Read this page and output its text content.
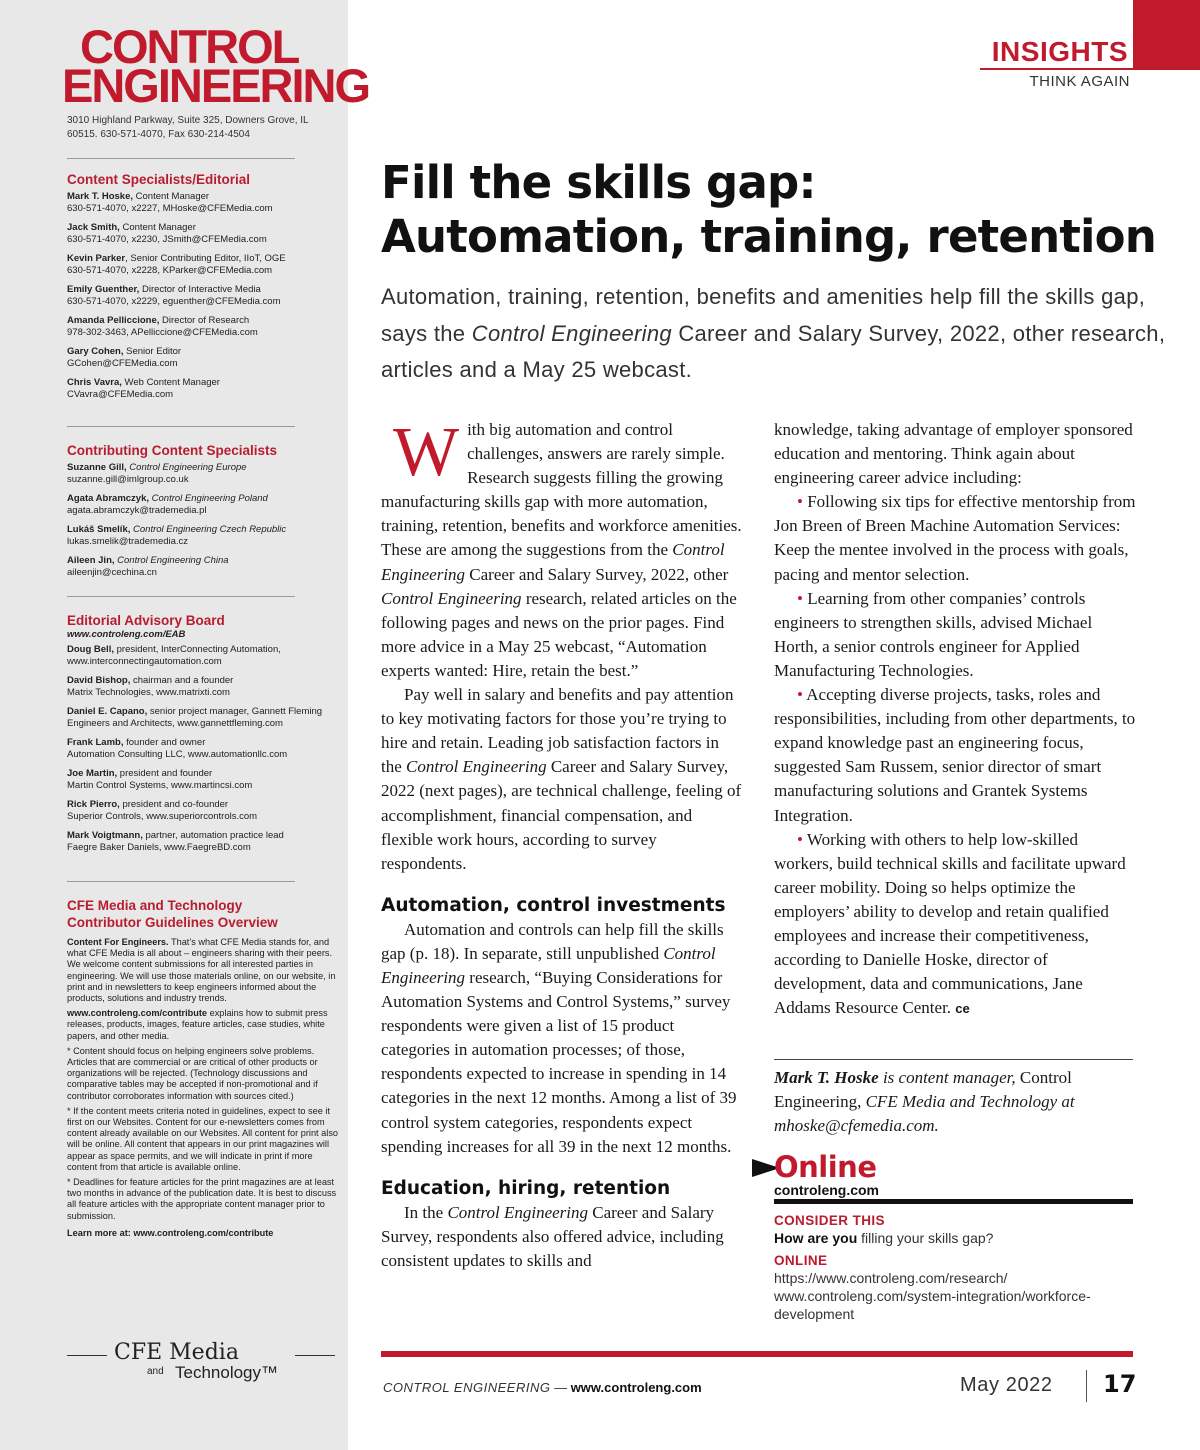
CONTROL
ENGINEERING
3010 Highland Parkway, Suite 325, Downers Grove, IL 60515. 630-571-4070, Fax 630-214-4504
Content Specialists/Editorial
Mark T. Hoske, Content Manager
630-571-4070, x2227, MHoske@CFEMedia.com
Jack Smith, Content Manager
630-571-4070, x2230, JSmith@CFEMedia.com
Kevin Parker, Senior Contributing Editor, IIoT, OGE
630-571-4070, x2228, KParker@CFEMedia.com
Emily Guenther, Director of Interactive Media
630-571-4070, x2229, eguenther@CFEMedia.com
Amanda Pelliccione, Director of Research
978-302-3463, APelliccione@CFEMedia.com
Gary Cohen, Senior Editor
GCohen@CFEMedia.com
Chris Vavra, Web Content Manager
CVavra@CFEMedia.com
Contributing Content Specialists
Suzanne Gill, Control Engineering Europe
suzanne.gill@imlgroup.co.uk
Agata Abramczyk, Control Engineering Poland
agata.abramczyk@trademedia.pl
Lukáš Smelík, Control Engineering Czech Republic
lukas.smelik@trademedia.cz
Aileen Jin, Control Engineering China
aileenjin@cechina.cn
Editorial Advisory Board
www.controleng.com/EAB
Doug Bell, president, InterConnecting Automation,
www.interconnectingautomation.com
David Bishop, chairman and a founder
Matrix Technologies, www.matrixti.com
Daniel E. Capano, senior project manager, Gannett Fleming
Engineers and Architects, www.gannettfleming.com
Frank Lamb, founder and owner
Automation Consulting LLC, www.automationllc.com
Joe Martin, president and founder
Martin Control Systems, www.martincsi.com
Rick Pierro, president and co-founder
Superior Controls, www.superiorcontrols.com
Mark Voigtmann, partner, automation practice lead
Faegre Baker Daniels, www.FaegreBD.com
CFE Media and Technology
Contributor Guidelines Overview
Content For Engineers. That’s what CFE Media stands for, and what CFE Media is all about – engineers sharing with their peers. We welcome content submissions for all interested parties in engineering. We will use those materials online, on our website, in print and in newsletters to keep engineers informed about the products, solutions and industry trends.
www.controleng.com/contribute explains how to submit press releases, products, images, feature articles, case studies, white papers, and other media.
* Content should focus on helping engineers solve problems. Articles that are commercial or are critical of other products or organizations will be rejected. (Technology discussions and comparative tables may be accepted if non-promotional and if contributor corroborates information with sources cited.)
* If the content meets criteria noted in guidelines, expect to see it first on our Websites. Content for our e-newsletters comes from content already available on our Websites. All content for print also will be online. All content that appears in our print magazines will appear as space permits, and we will indicate in print if more content from that article is available online.
* Deadlines for feature articles for the print magazines are at least two months in advance of the publication date. It is best to discuss all feature articles with the appropriate content manager prior to submission.
Learn more at: www.controleng.com/contribute
CFE Media
and Technology™
INSIGHTS
THINK AGAIN
Fill the skills gap:
Automation, training, retention
Automation, training, retention, benefits and amenities help fill the skills gap, says the Control Engineering Career and Salary Survey, 2022, other research, articles and a May 25 webcast.

With big automation and control challenges, answers are rarely simple. Research suggests filling the growing manufacturing skills gap with more automation, training, retention, benefits and workforce amenities. These are among the suggestions from the Control Engineering Career and Salary Survey, 2022, other Control Engineering research, related articles on the following pages and news on the prior pages. Find more advice in a May 25 webcast, “Automation experts wanted: Hire, retain the best.”

Pay well in salary and benefits and pay attention to key motivating factors for those you’re trying to hire and retain. Leading job satisfaction factors in the Control Engineering Career and Salary Survey, 2022 (next pages), are technical challenge, feeling of accomplishment, financial compensation, and flexible work hours, according to survey respondents.

Automation, control investments

Automation and controls can help fill the skills gap (p. 18). In separate, still unpublished Control Engineering research, “Buying Considerations for Automation Systems and Control Systems,” survey respondents were given a list of 15 product categories in automation processes; of those, respondents expected to increase in spending in 14 categories in the next 12 months. Among a list of 39 control system categories, respondents expect spending increases for all 39 in the next 12 months.

Education, hiring, retention

In the Control Engineering Career and Salary Survey, respondents also offered advice, including consistent updates to skills and

knowledge, taking advantage of employer sponsored education and mentoring. Think again about engineering career advice including:

• Following six tips for effective mentorship from Jon Breen of Breen Machine Automation Services: Keep the mentee involved in the process with goals, pacing and mentor selection.

• Learning from other companies’ controls engineers to strengthen skills, advised Michael Horth, a senior controls engineer for Applied Manufacturing Technologies.

• Accepting diverse projects, tasks, roles and responsibilities, including from other departments, to expand knowledge past an engineering focus, suggested Sam Russem, senior director of smart manufacturing solutions and Grantek Systems Integration.

• Working with others to help low-skilled workers, build technical skills and facilitate upward career mobility. Doing so helps optimize the employers’ ability to develop and retain qualified employees and increase their competitiveness, according to Danielle Hoske, director of development, data and communications, Jane Addams Resource Center. ce

Mark T. Hoske is content manager, Control Engineering, CFE Media and Technology at mhoske@cfemedia.com.
Online
controleng.com
CONSIDER THIS
How are you filling your skills gap?
ONLINE
https://www.controleng.com/research/
www.controleng.com/system-integration/workforce-development
CONTROL ENGINEERING — www.controleng.com	May 2022 17
